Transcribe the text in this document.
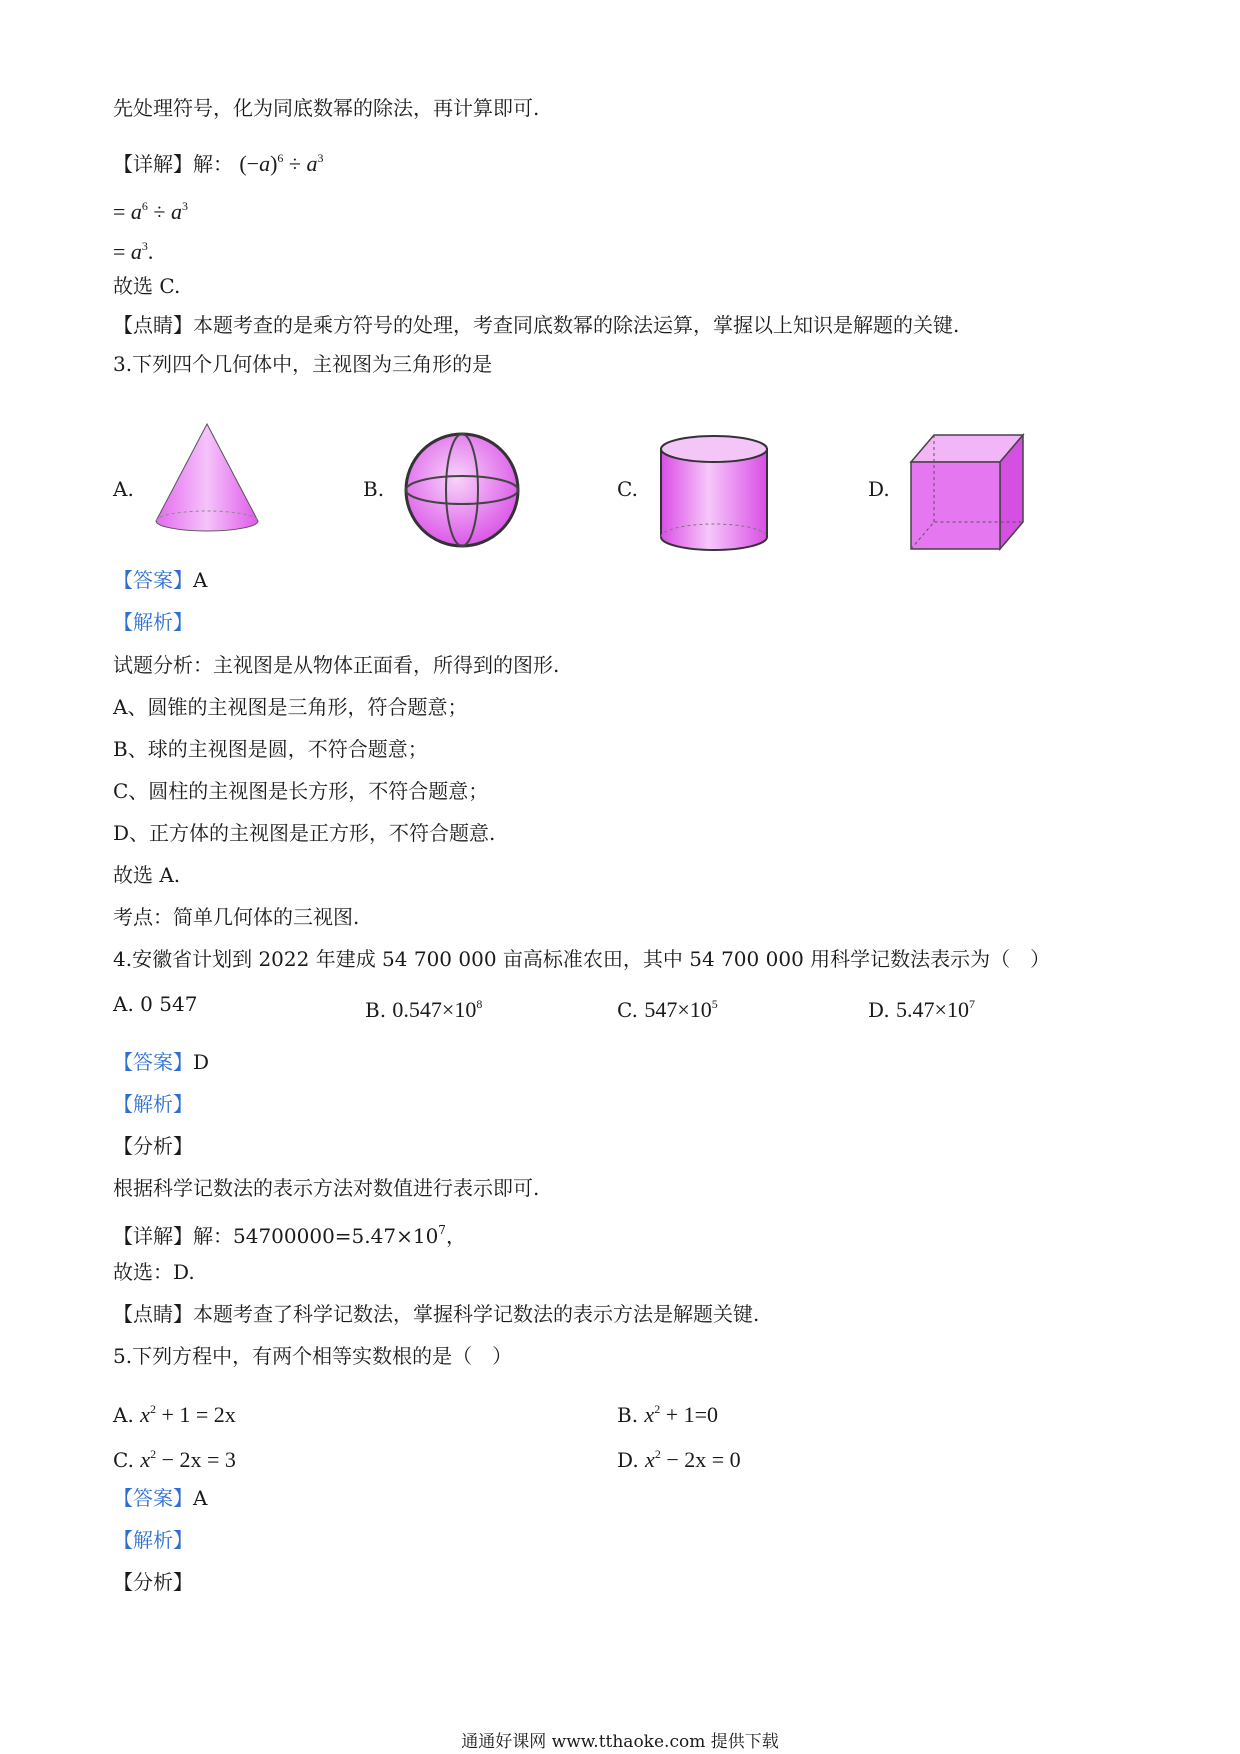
先处理符号，化为同底数幂的除法，再计算即可.
【详解】解： $(-a)^6 \div a^3$
= $a^6 \div a^3$
= $a^3$.
故选 C.
【点睛】本题考查的是乘方符号的处理，考查同底数幂的除法运算，掌握以上知识是解题的关键.
3.下列四个几何体中，主视图为三角形的是
A.	B.	C.	D.
【答案】A
【解析】
试题分析：主视图是从物体正面看，所得到的图形.
A、圆锥的主视图是三角形，符合题意；
B、球的主视图是圆，不符合题意；
C、圆柱的主视图是长方形，不符合题意；
D、正方体的主视图是正方形，不符合题意.
故选 A.
考点：简单几何体的三视图.
4.安徽省计划到 2022 年建成 54 700 000 亩高标准农田，其中 54 700 000 用科学记数法表示为（　）
A. 0 547	B. $0.547\times 10^8$	C. $547\times 10^5$	D. $5.47\times 10^7$
【答案】D
【解析】
【分析】
根据科学记数法的表示方法对数值进行表示即可.
【详解】解：$54700000=5.47\times 10^7$，
故选：D.
【点睛】本题考查了科学记数法，掌握科学记数法的表示方法是解题关键.
5.下列方程中，有两个相等实数根的是（　）
A. $x^2 + 1 = 2x$	B. $x^2 + 1=0$
C. $x^2 - 2x = 3$	D. $x^2 - 2x = 0$
【答案】A
【解析】
【分析】
通通好课网 www.tthaoke.com 提供下载
